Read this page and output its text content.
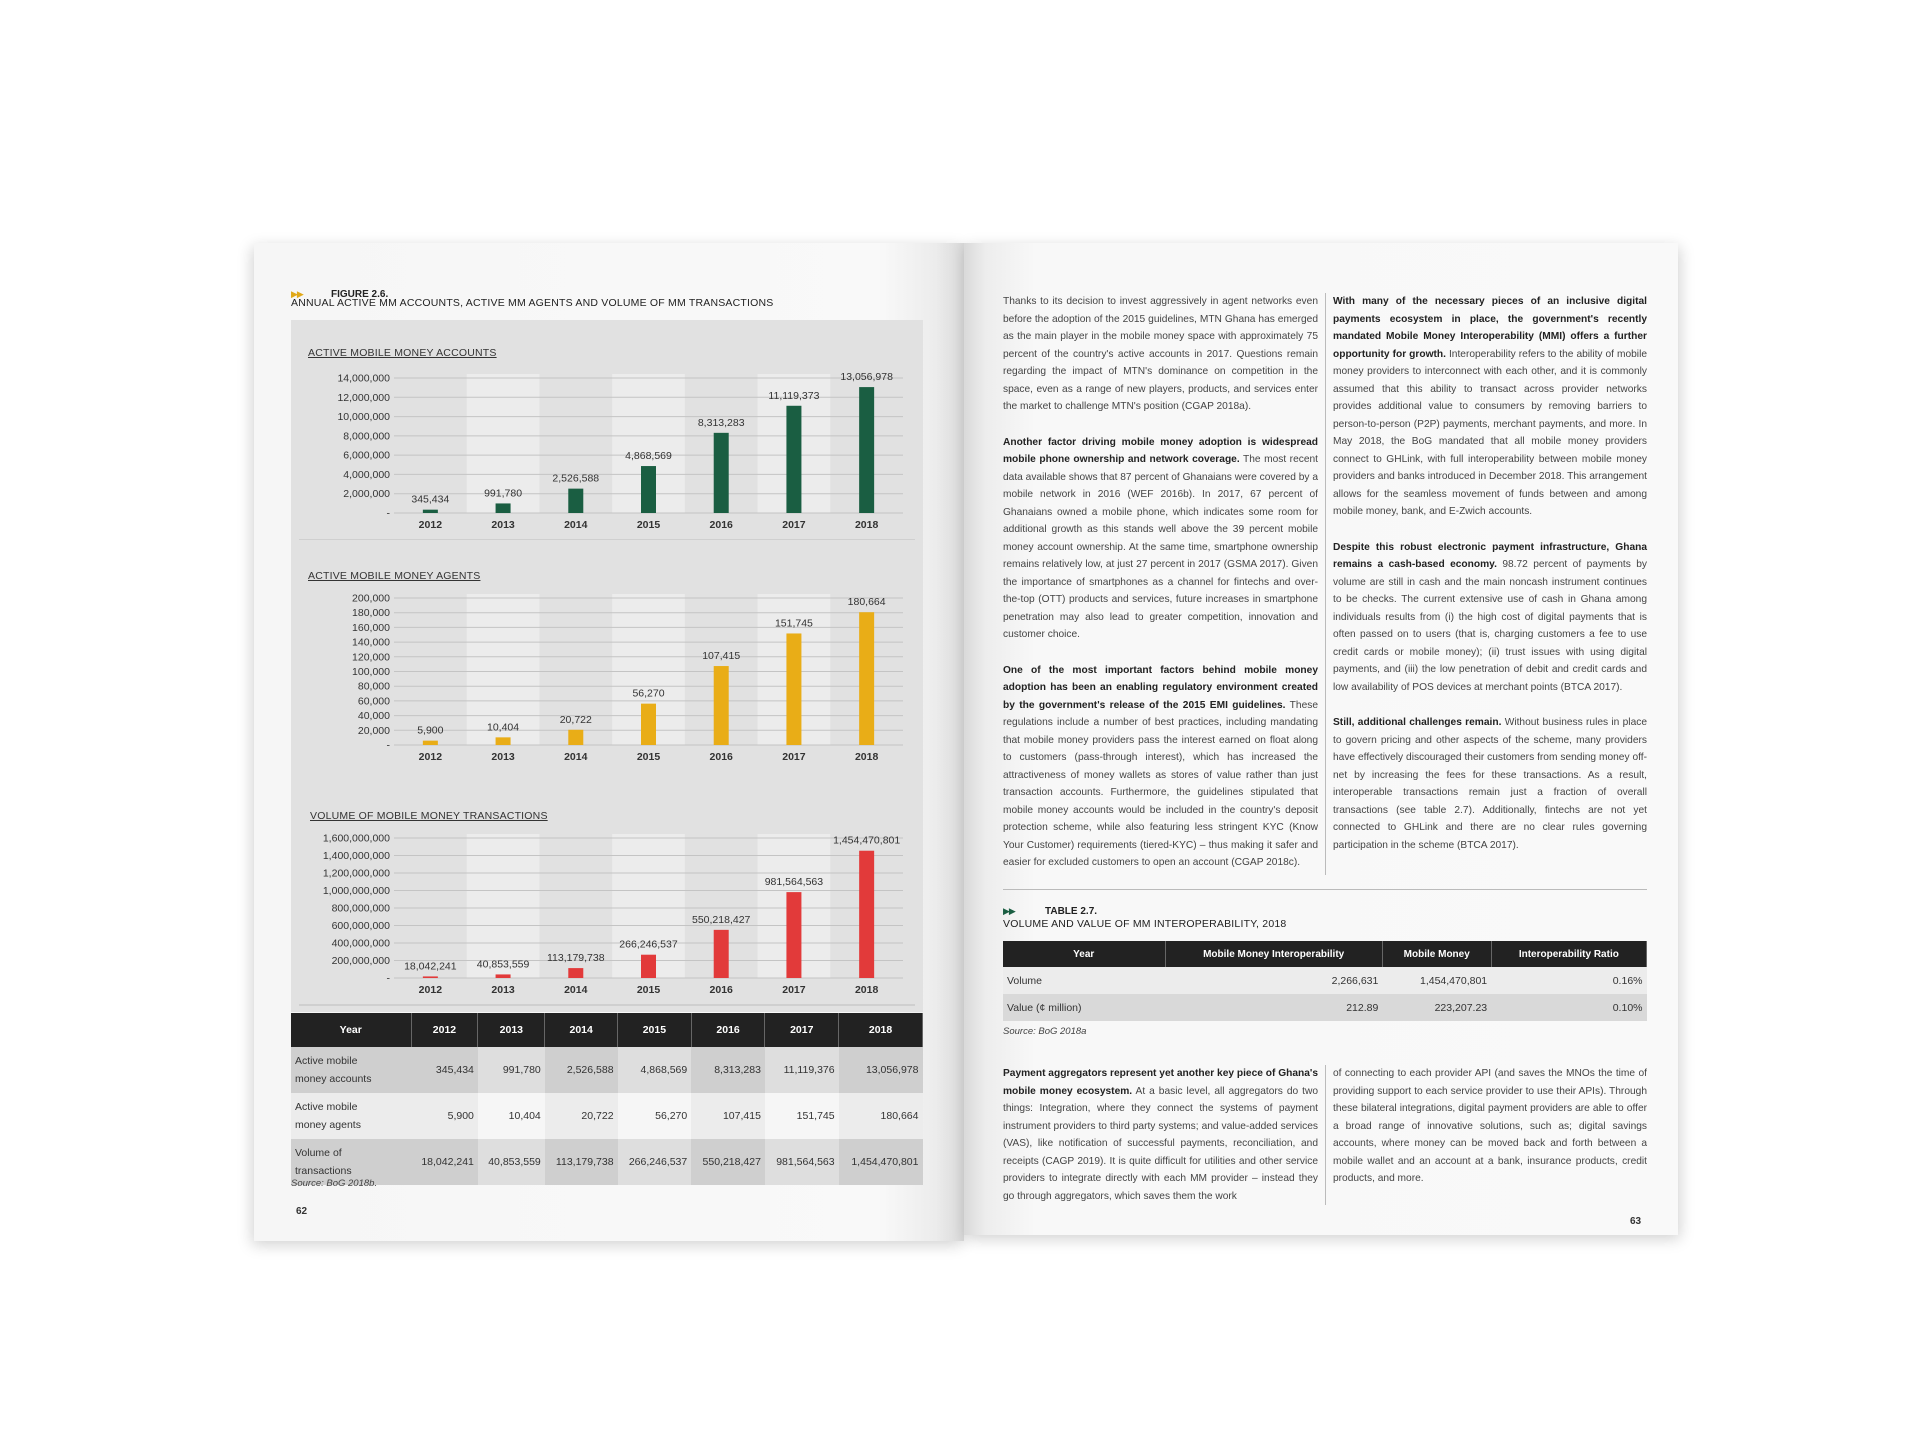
▶▶	FIGURE 2.6.
ANNUAL ACTIVE MM ACCOUNTS, ACTIVE MM AGENTS AND VOLUME OF MM TRANSACTIONS
ACTIVE MOBILE MONEY ACCOUNTS
-
2,000,000
4,000,000
6,000,000
8,000,000
10,000,000
12,000,000
14,000,000
345,434
2012
991,780
2013
2,526,588
2014
4,868,569
2015
8,313,283
2016
11,119,373
2017
13,056,978
2018
ACTIVE MOBILE MONEY AGENTS
-
20,000
40,000
60,000
80,000
100,000
120,000
140,000
160,000
180,000
200,000
5,900
2012
10,404
2013
20,722
2014
56,270
2015
107,415
2016
151,745
2017
180,664
2018
VOLUME OF MOBILE MONEY TRANSACTIONS
-
200,000,000
400,000,000
600,000,000
800,000,000
1,000,000,000
1,200,000,000
1,400,000,000
1,600,000,000
18,042,241
2012
40,853,559
2013
113,179,738
2014
266,246,537
2015
550,218,427
2016
981,564,563
2017
1,454,470,801
2018
Year	2012	2013	2014	2015	2016	2017	2018
Active mobile
money accounts	345,434	991,780	2,526,588	4,868,569	8,313,283	11,119,376	13,056,978
Active mobile
money agents	5,900	10,404	20,722	56,270	107,415	151,745	180,664
Volume of
transactions	18,042,241	40,853,559	113,179,738	266,246,537	550,218,427	981,564,563	1,454,470,801
Source: BoG 2018b.
62

Thanks to its decision to invest aggressively in agent networks even before the adoption of the 2015 guidelines, MTN Ghana has emerged as the main player in the mobile money space with approximately 75 percent of the country's active accounts in 2017. Questions remain regarding the impact of MTN's dominance on competition in the space, even as a range of new players, products, and services enter the market to challenge MTN's position (CGAP 2018a).

Another factor driving mobile money adoption is widespread mobile phone ownership and network coverage. The most recent data available shows that 87 percent of Ghanaians were covered by a mobile network in 2016 (WEF 2016b). In 2017, 67 percent of Ghanaians owned a mobile phone, which indicates some room for additional growth as this stands well above the 39 percent mobile money account ownership. At the same time, smartphone ownership remains relatively low, at just 27 percent in 2017 (GSMA 2017). Given the importance of smartphones as a channel for fintechs and over-the-top (OTT) products and services, future increases in smartphone penetration may also lead to greater competition, innovation and customer choice.

One of the most important factors behind mobile money adoption has been an enabling regulatory environment created by the government's release of the 2015 EMI guidelines. These regulations include a number of best practices, including mandating that mobile money providers pass the interest earned on float along to customers (pass-through interest), which has increased the attractiveness of money wallets as stores of value rather than just transaction accounts. Furthermore, the guidelines stipulated that mobile money accounts would be included in the country's deposit protection scheme, while also featuring less stringent KYC (Know Your Customer) requirements (tiered-KYC) – thus making it safer and easier for excluded customers to open an account (CGAP 2018c).

With many of the necessary pieces of an inclusive digital payments ecosystem in place, the government's recently mandated Mobile Money Interoperability (MMI) offers a further opportunity for growth. Interoperability refers to the ability of mobile money providers to interconnect with each other, and it is commonly assumed that this ability to transact across provider networks provides additional value to consumers by removing barriers to person-to-person (P2P) payments, merchant payments, and more. In May 2018, the BoG mandated that all mobile money providers connect to GHLink, with full interoperability between mobile money providers and banks introduced in December 2018. This arrangement allows for the seamless movement of funds between and among mobile money, bank, and E-Zwich accounts.

Despite this robust electronic payment infrastructure, Ghana remains a cash-based economy. 98.72 percent of payments by volume are still in cash and the main noncash instrument continues to be checks. The current extensive use of cash in Ghana among individuals results from (i) the high cost of digital payments that is often passed on to users (that is, charging customers a fee to use credit cards or mobile money); (ii) trust issues with using digital payments, and (iii) the low penetration of debit and credit cards and low availability of POS devices at merchant points (BTCA 2017).

Still, additional challenges remain. Without business rules in place to govern pricing and other aspects of the scheme, many providers have effectively discouraged their customers from sending money off-net by increasing the fees for these transactions. As a result, interoperable transactions remain just a fraction of overall transactions (see table 2.7). Additionally, fintechs are not yet connected to GHLink and there are no clear rules governing participation in the scheme (BTCA 2017).

▶▶	TABLE 2.7.
VOLUME AND VALUE OF MM INTEROPERABILITY, 2018
Year	Mobile Money Interoperability	Mobile Money	Interoperability Ratio
Volume	2,266,631	1,454,470,801	0.16%
Value (¢ million)	212.89	223,207.23	0.10%
Source: BoG 2018a

Payment aggregators represent yet another key piece of Ghana's mobile money ecosystem. At a basic level, all aggregators do two things: Integration, where they connect the systems of payment instrument providers to third party systems; and value-added services (VAS), like notification of successful payments, reconciliation, and receipts (CAGP 2019). It is quite difficult for utilities and other service providers to integrate directly with each MM provider – instead they go through aggregators, which saves them the work

of connecting to each provider API (and saves the MNOs the time of providing support to each service provider to use their APIs). Through these bilateral integrations, digital payment providers are able to offer a broad range of innovative solutions, such as; digital savings accounts, where money can be moved back and forth between a mobile wallet and an account at a bank, insurance products, credit products, and more.

63
